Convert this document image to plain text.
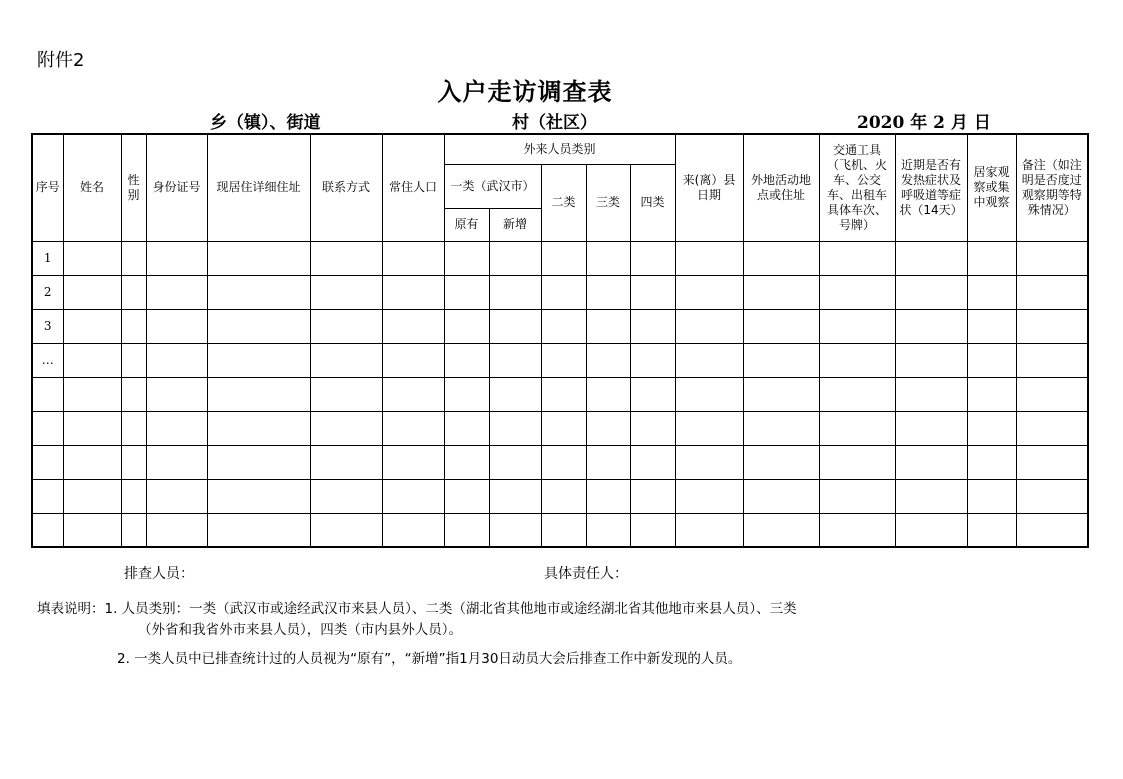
附件2
入户走访调查表
乡（镇）、街道	村（社区）	2020 年 2 月 日
序号	姓名	性别	身份证号	现居住详细住址	联系方式	常住人口	外来人员类别					来(离）县日期	外地活动地点或住址	交通工具（飞机、火车、公交车、出租车具体车次、号牌）	近期是否有发热症状及呼吸道等症状（14天）	居家观察或集中观察	备注（如注明是否度过观察期等特殊情况）
							一类（武汉市）		二类	三类	四类						
							原有	新增									
1																	
2																	
3																	
…																	

排查人员：	具体责任人：
填表说明：1. 人员类别：一类（武汉市或途经武汉市来县人员）、二类（湖北省其他地市或途经湖北省其他地市来县人员）、三类
（外省和我省外市来县人员），四类（市内县外人员）。
2. 一类人员中已排查统计过的人员视为“原有”，“新增”指1月30日动员大会后排查工作中新发现的人员。
